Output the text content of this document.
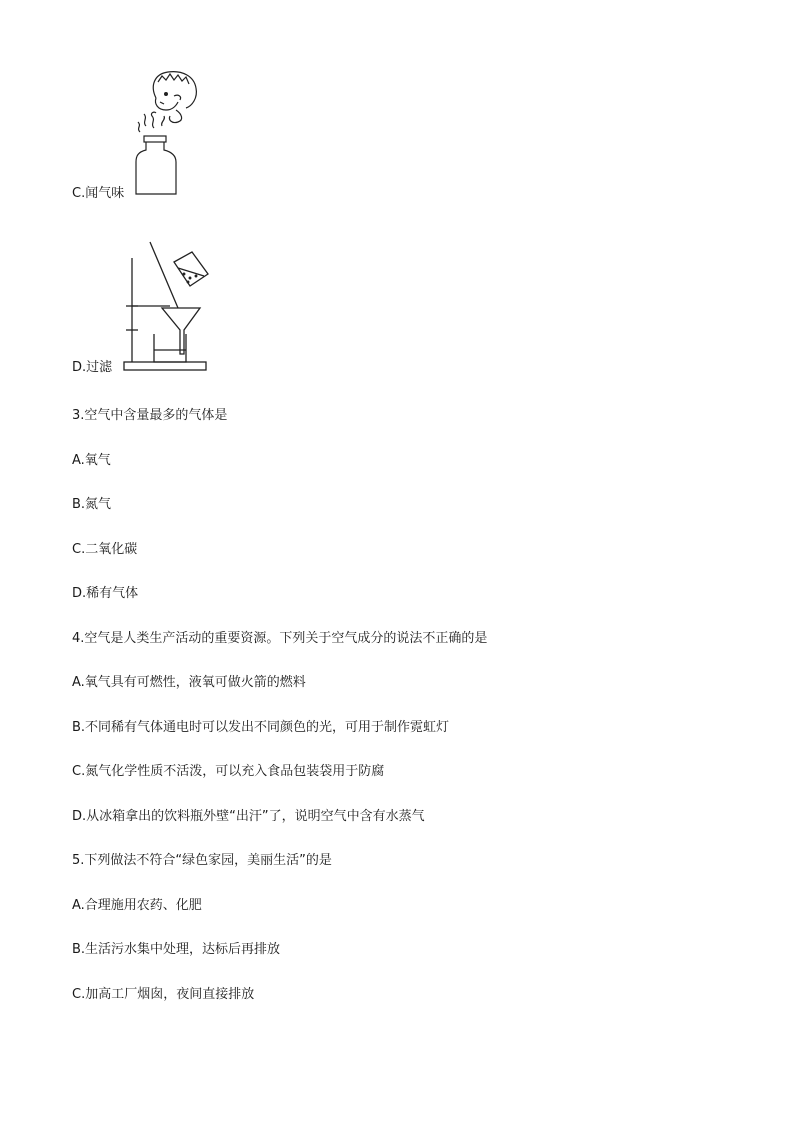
C.闻气味
D.过滤
3.空气中含量最多的气体是
A.氧气
B.氮气
C.二氧化碳
D.稀有气体
4.空气是人类生产活动的重要资源。下列关于空气成分的说法不正确的是
A.氧气具有可燃性，液氧可做火箭的燃料
B.不同稀有气体通电时可以发出不同颜色的光，可用于制作霓虹灯
C.氮气化学性质不活泼，可以充入食品包装袋用于防腐
D.从冰箱拿出的饮料瓶外壁“出汗”了，说明空气中含有水蒸气
5.下列做法不符合“绿色家园，美丽生活”的是
A.合理施用农药、化肥
B.生活污水集中处理，达标后再排放
C.加高工厂烟囱，夜间直接排放
